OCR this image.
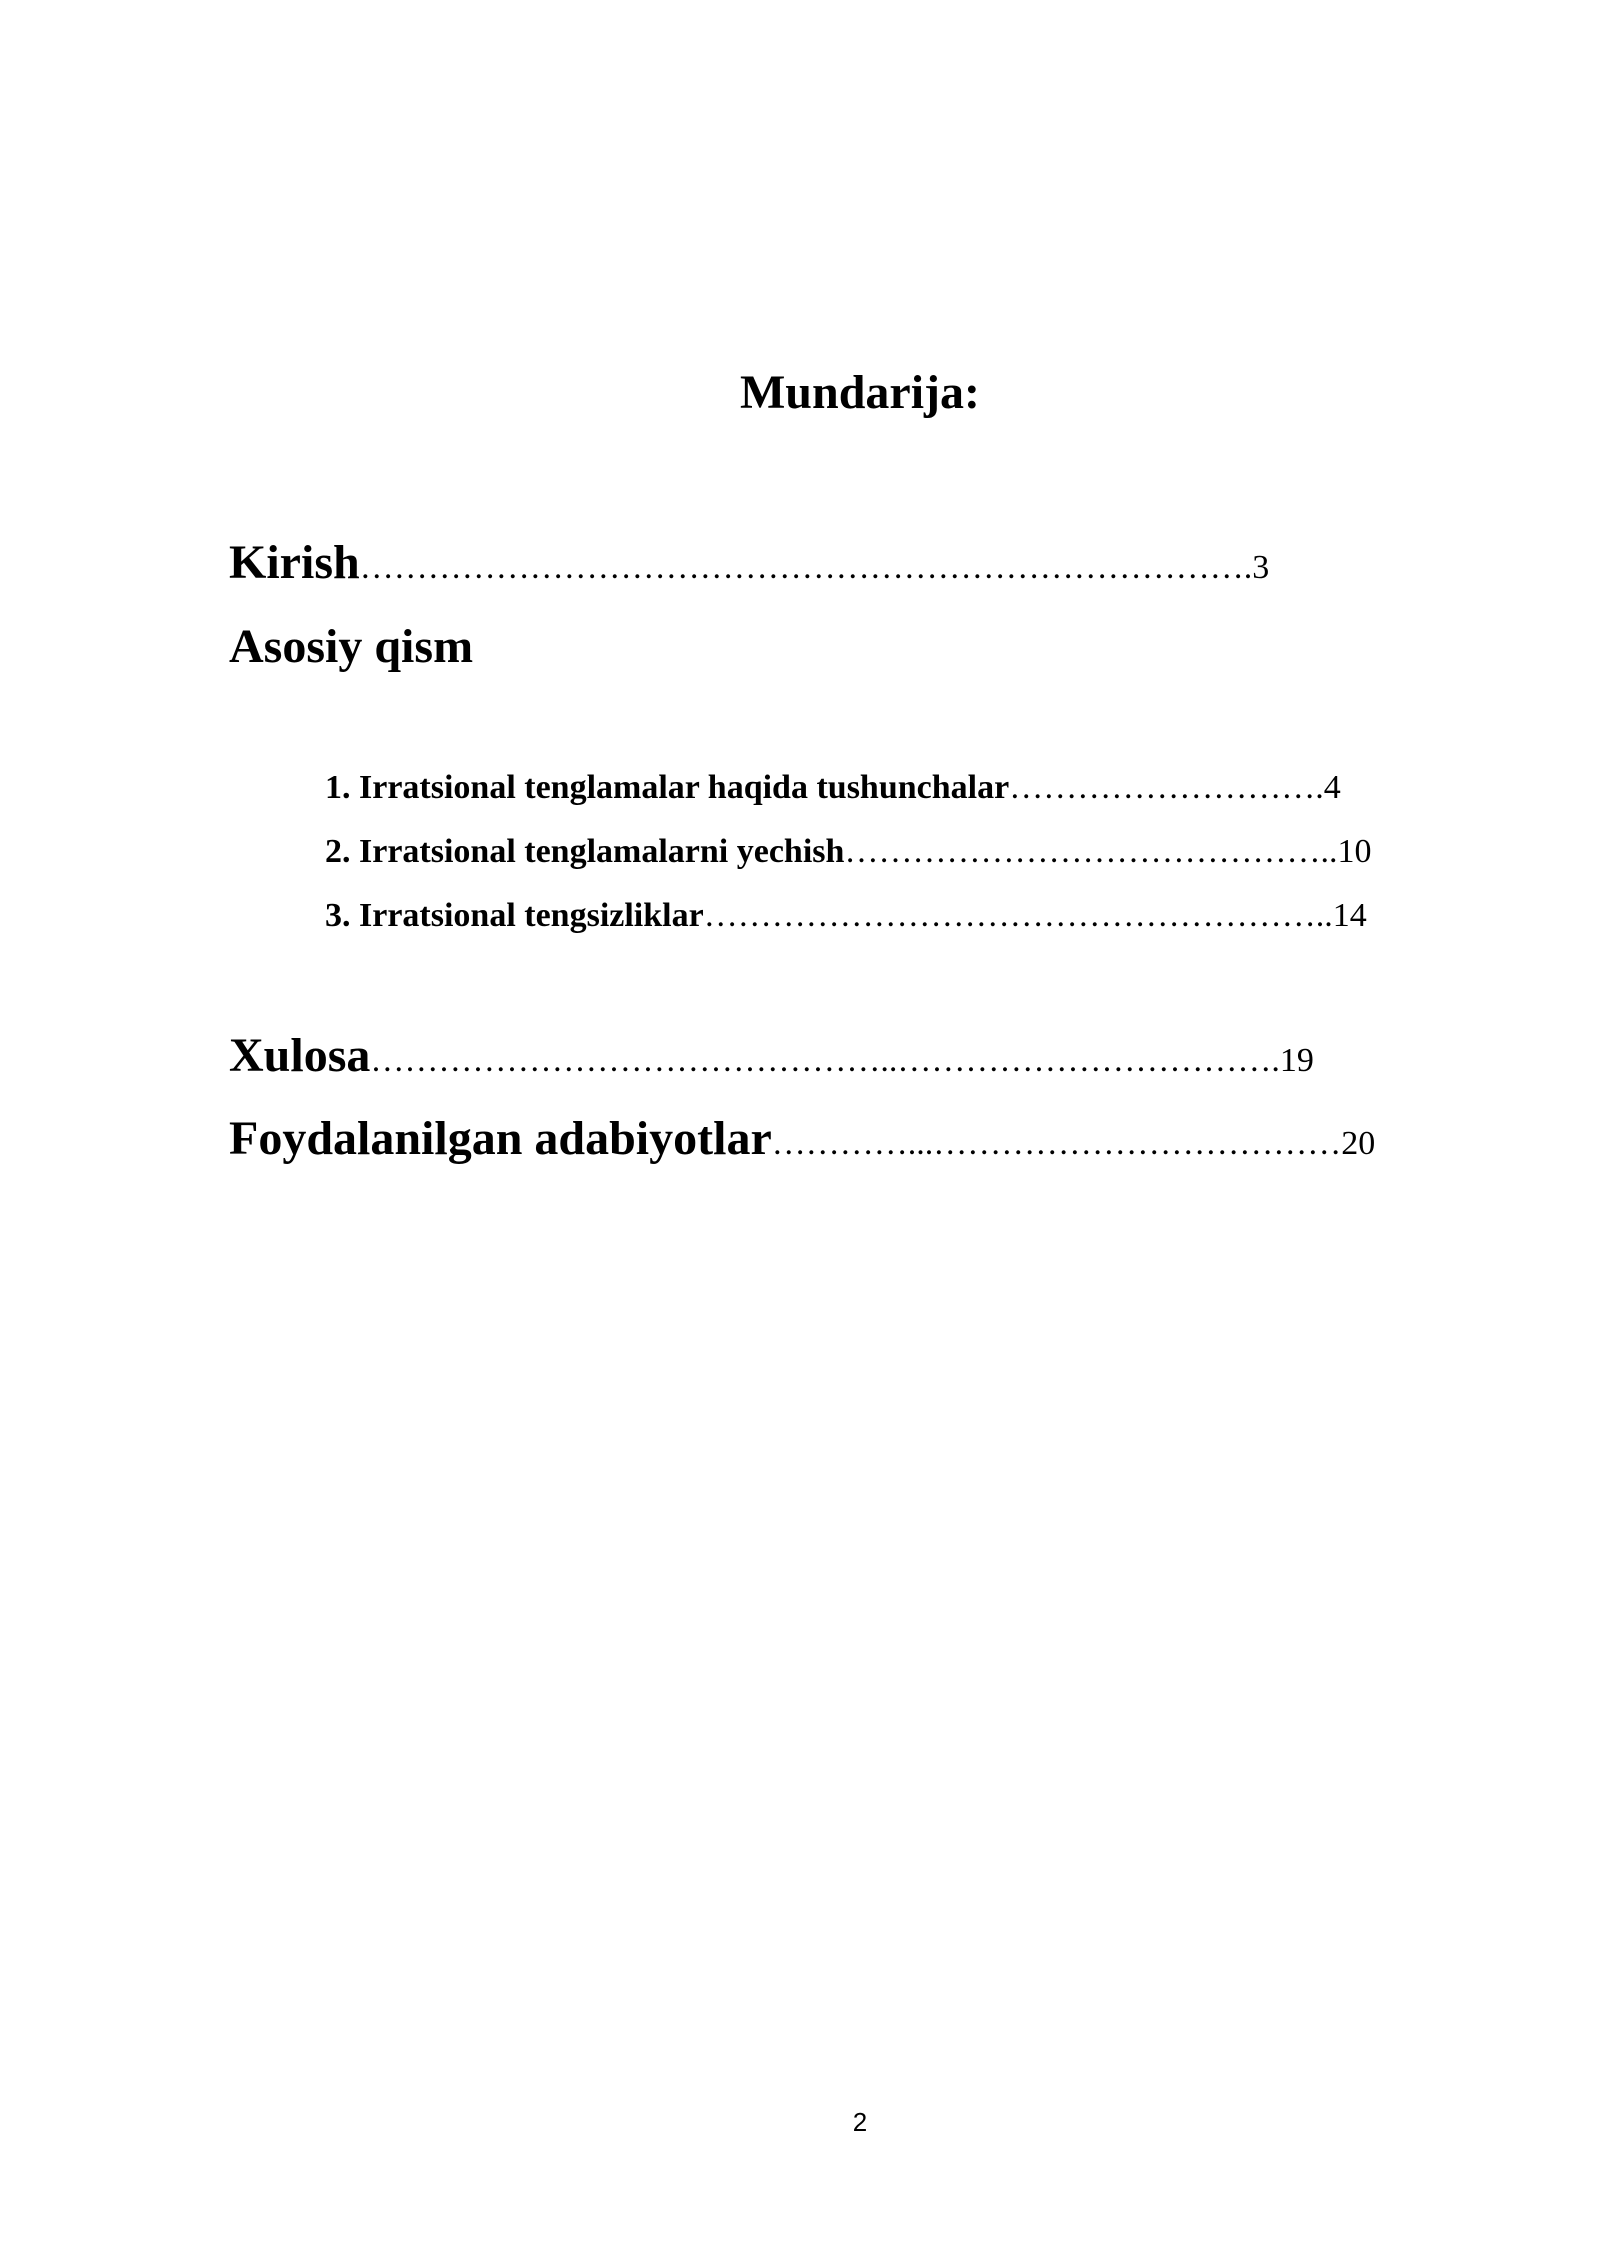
Mundarija:
Kirish…………………………………………………………………….3
Asosiy qism
1. Irratsional tenglamalar haqida tushunchalar……………………….4
2. Irratsional tenglamalarni yechish……………………………………..10
3. Irratsional tengsizliklar………………………………………………..14
Xulosa………………………………………..…………………………….19
Foydalanilgan adabiyotlar…………...………………………………20
2
